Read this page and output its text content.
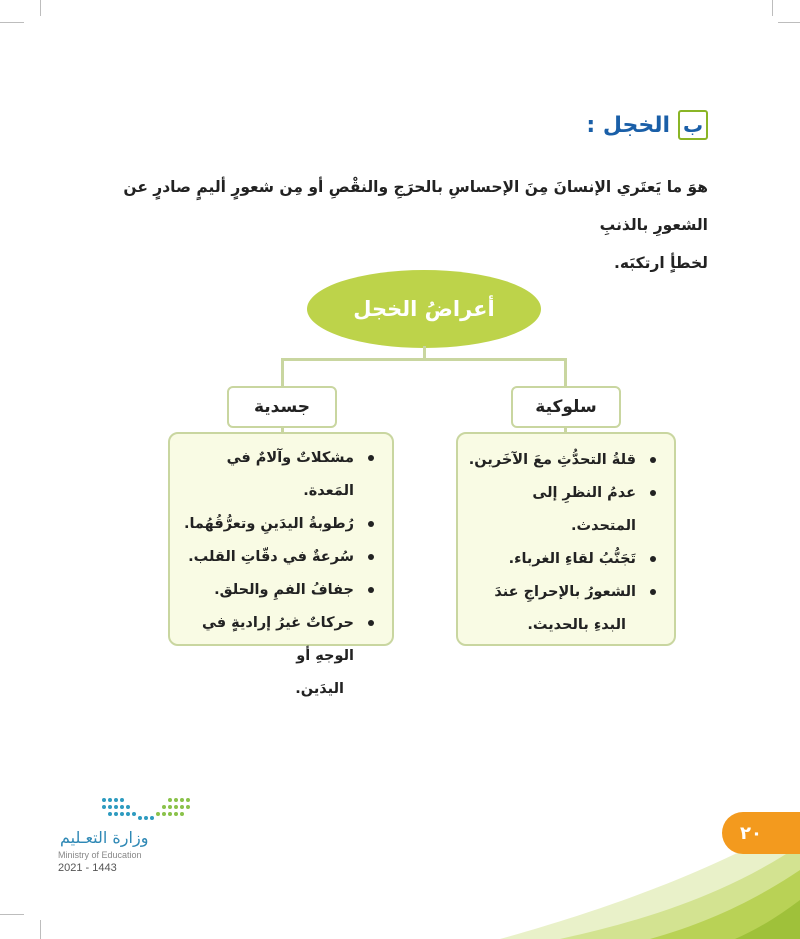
ب
الخجل :
هوَ ما يَعتَري الإنسانَ مِنَ الإحساسِ بالحرَجِ والنقْصِ أو مِن شعورٍ أليمٍ صادرٍ عن الشعورِ بالذنبِ
لخطأٍ ارتكبَه.
أعراضُ الخجل
سلوكية
قلةُ التحدُّثِ معَ الآخَرين.
عدمُ النظرِ إلى المتحدث.
تَجَنُّبُ لقاءِ الغرباء.
الشعورُ بالإحراجِ عندَ
البدءِ بالحديث.
جسدية
مشكلاتٌ وآلامٌ في المَعدة.
رُطوبةُ اليدَينِ وتعرُّقُهُما.
سُرعةٌ في دقّاتِ القلب.
جفافُ الفمِ والحلق.
حركاتٌ غيرُ إراديةٍ في الوجهِ أو
اليدَين.
٢٠
وزارة التعـليم
Ministry of Education
2021 - 1443
